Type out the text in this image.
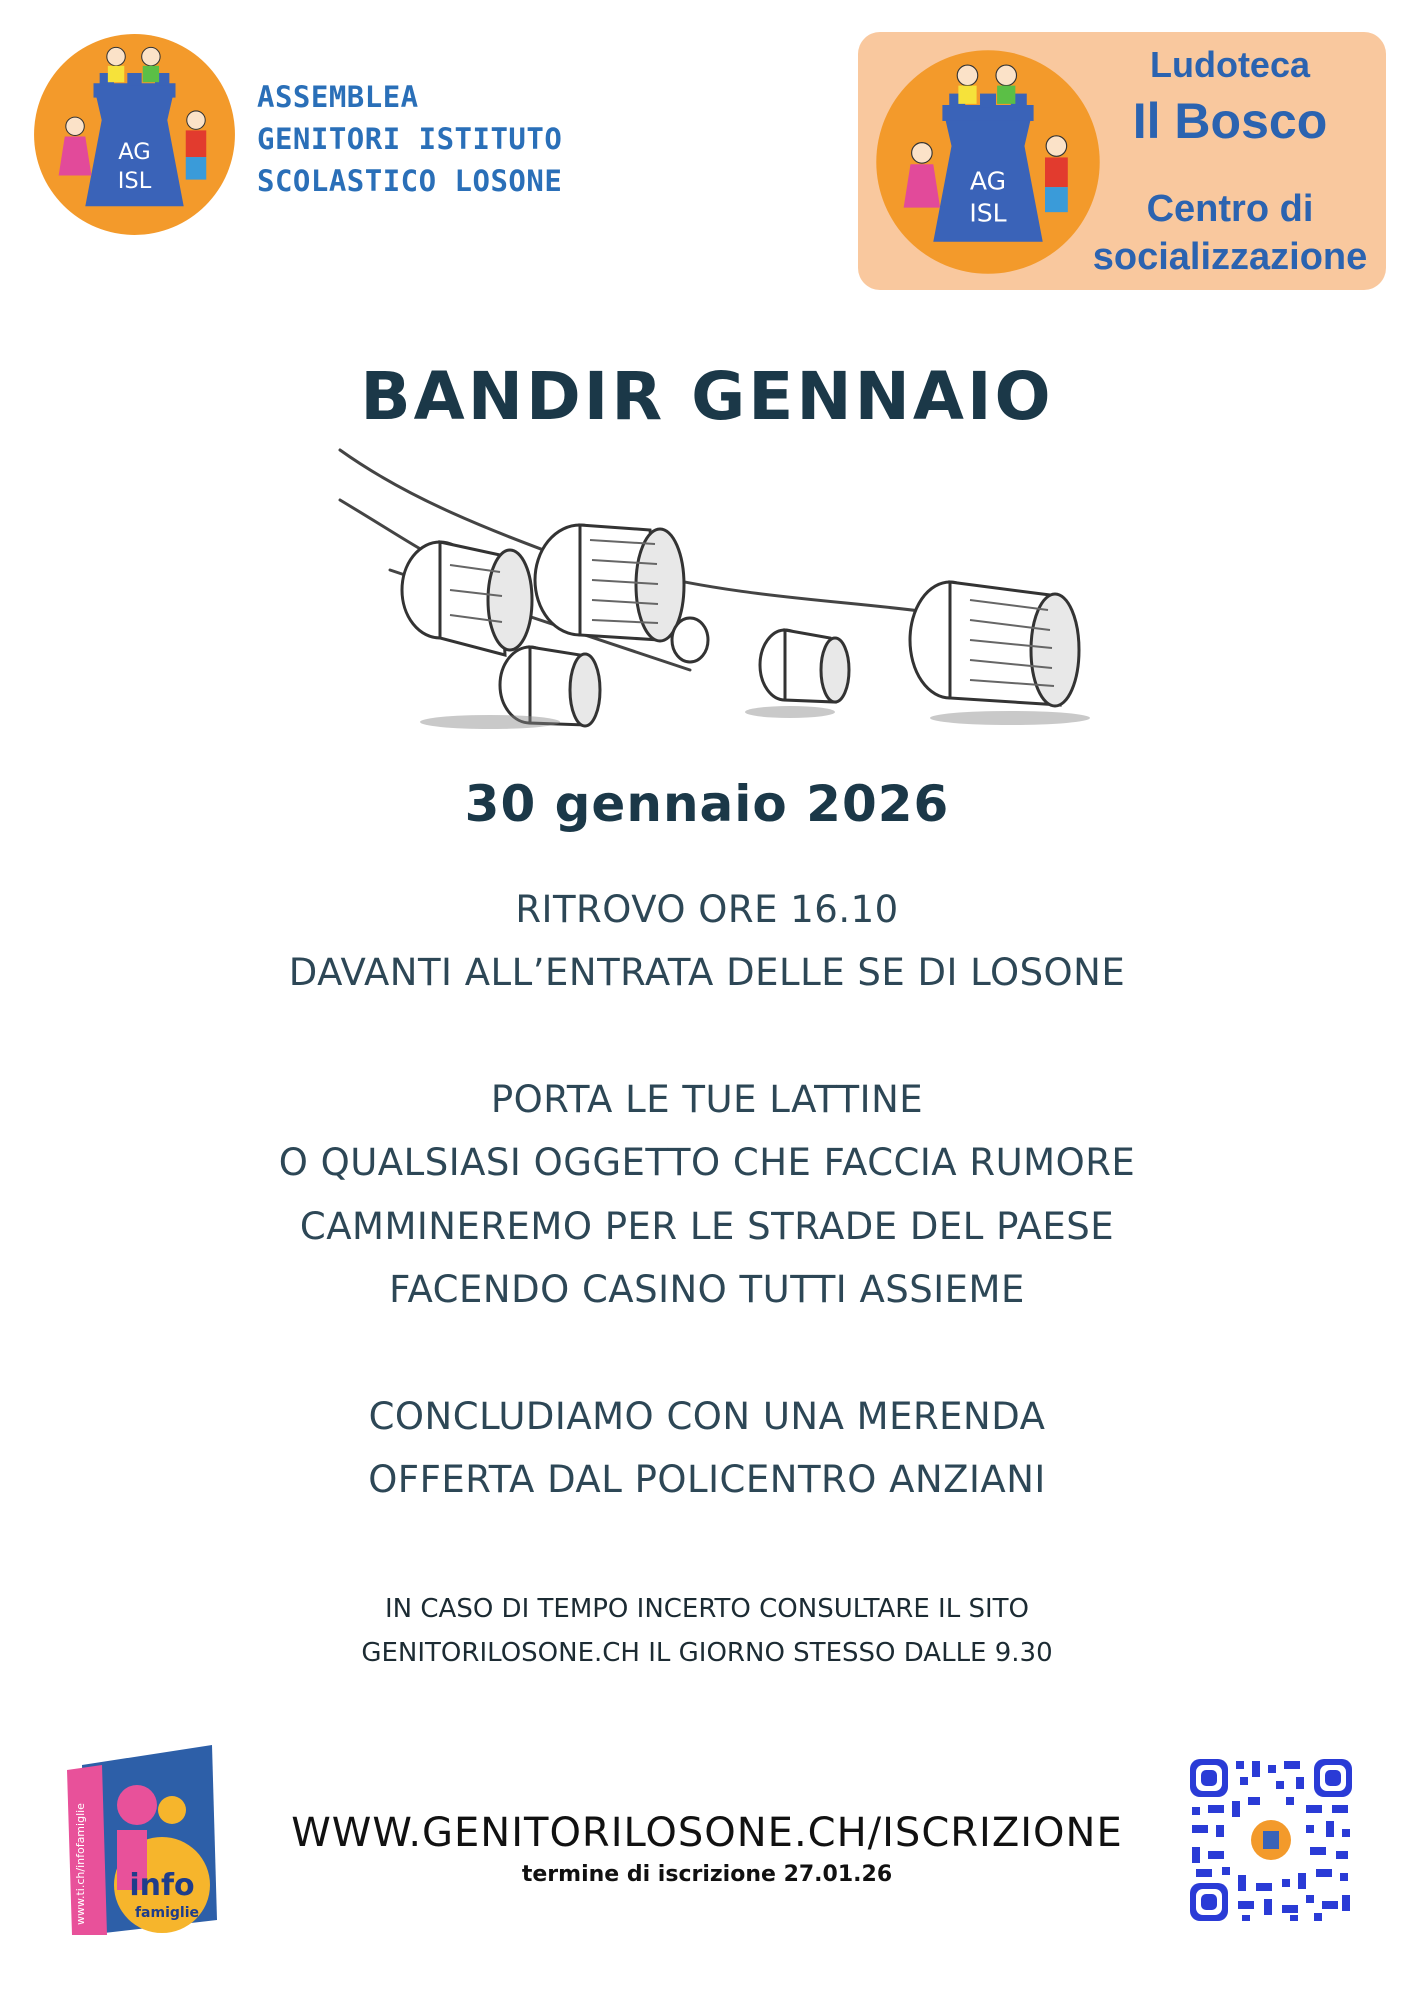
AG
ISL
ASSEMBLEA
GENITORI ISTITUTO
SCOLASTICO LOSONE	AG
ISL
Ludoteca
Il Bosco
Centro di
socializzazione
BANDIR GENNAIO
30 gennaio 2026
RITROVO ORE 16.10
DAVANTI ALL’ENTRATA DELLE SE DI LOSONE
PORTA LE TUE LATTINE
O QUALSIASI OGGETTO CHE FACCIA RUMORE
CAMMINEREMO PER LE STRADE DEL PAESE
FACENDO CASINO TUTTI ASSIEME
CONCLUDIAMO CON UNA MERENDA
OFFERTA DAL POLICENTRO ANZIANI
IN CASO DI TEMPO INCERTO CONSULTARE IL SITO
GENITORILOSONE.CH IL GIORNO STESSO DALLE 9.30
www.ti.ch/infofamiglie info
famiglie
WWW.GENITORILOSONE.CH/ISCRIZIONE
termine di iscrizione 27.01.26
